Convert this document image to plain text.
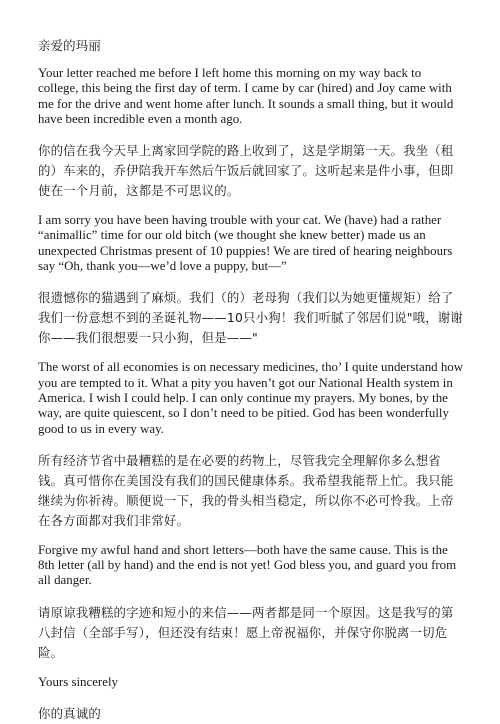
亲爱的玛丽

Your letter reached me before I left home this morning on my way back to college, this being the first day of term. I came by car (hired) and Joy came with me for the drive and went home after lunch. It sounds a small thing, but it would have been incredible even a month ago.

你的信在我今天早上离家回学院的路上收到了，这是学期第一天。我坐（租的）车来的，乔伊陪我开车然后午饭后就回家了。这听起来是件小事，但即使在一个月前，这都是不可思议的。

I am sorry you have been having trouble with your cat. We (have) had a rather “animallic” time for our old bitch (we thought she knew better) made us an unexpected Christmas present of 10 puppies! We are tired of hearing neighbours say “Oh, thank you—we’d love a puppy, but—”

很遗憾你的猫遇到了麻烦。我们（的）老母狗（我们以为她更懂规矩）给了我们一份意想不到的圣诞礼物——10只小狗！我们听腻了邻居们说"哦，谢谢你——我们很想要一只小狗，但是——"

The worst of all economies is on necessary medicines, tho’ I quite understand how you are tempted to it. What a pity you haven’t got our National Health system in America. I wish I could help. I can only continue my prayers. My bones, by the way, are quite quiescent, so I don’t need to be pitied. God has been wonderfully good to us in every way.

所有经济节省中最糟糕的是在必要的药物上，尽管我完全理解你多么想省钱。真可惜你在美国没有我们的国民健康体系。我希望我能帮上忙。我只能继续为你祈祷。顺便说一下，我的骨头相当稳定，所以你不必可怜我。上帝在各方面都对我们非常好。

Forgive my awful hand and short letters—both have the same cause. This is the 8th letter (all by hand) and the end is not yet! God bless you, and guard you from all danger.

请原谅我糟糕的字迹和短小的来信——两者都是同一个原因。这是我写的第八封信（全部手写），但还没有结束！愿上帝祝福你，并保守你脱离一切危险。

Yours sincerely

你的真诚的
